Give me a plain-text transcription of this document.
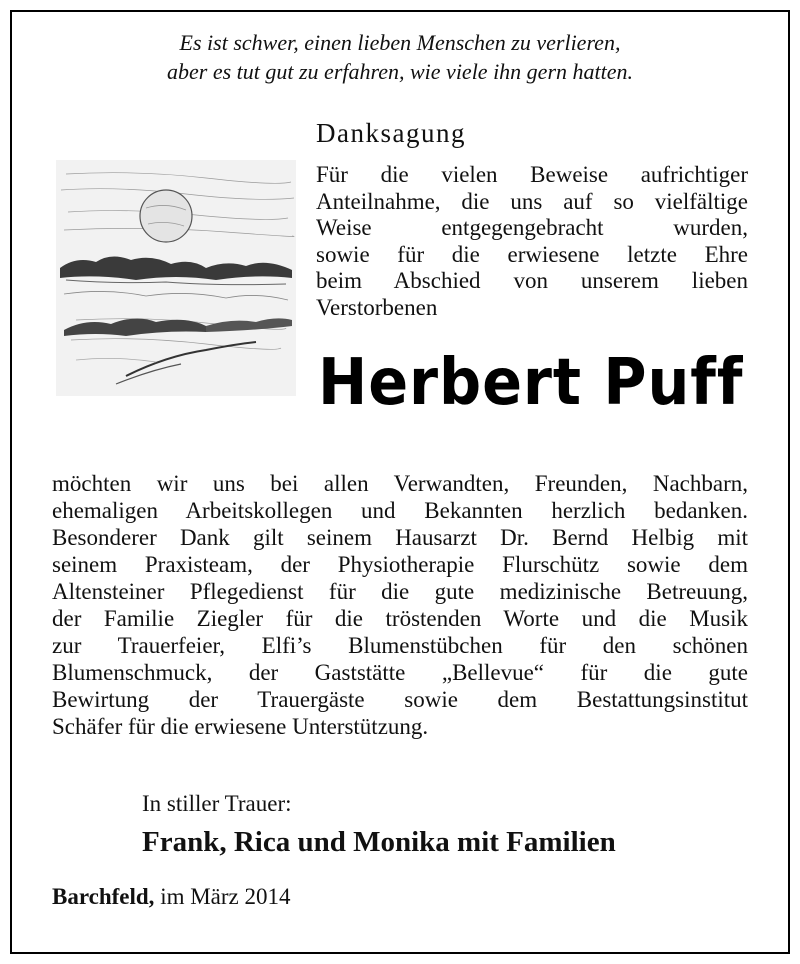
Es ist schwer, einen lieben Menschen zu verlieren,
aber es tut gut zu erfahren, wie viele ihn gern hatten.
Danksagung
Für die vielen Beweise aufrichtiger
Anteilnahme, die uns auf so vielfältige
Weise entgegengebracht wurden,
sowie für die erwiesene letzte Ehre
beim Abschied von unserem lieben
Verstorbenen
Herbert Puff
möchten wir uns bei allen Verwandten, Freunden, Nachbarn,
ehemaligen Arbeitskollegen und Bekannten herzlich bedanken.
Besonderer Dank gilt seinem Hausarzt Dr. Bernd Helbig mit
seinem Praxisteam, der Physiotherapie Flurschütz sowie dem
Altensteiner Pflegedienst für die gute medizinische Betreuung,
der Familie Ziegler für die tröstenden Worte und die Musik
zur Trauerfeier, Elfi’s Blumenstübchen für den schönen
Blumenschmuck, der Gaststätte „Bellevue“ für die gute
Bewirtung der Trauergäste sowie dem Bestattungsinstitut
Schäfer für die erwiesene Unterstützung.
In stiller Trauer:
Frank, Rica und Monika mit Familien
Barchfeld, im März 2014
